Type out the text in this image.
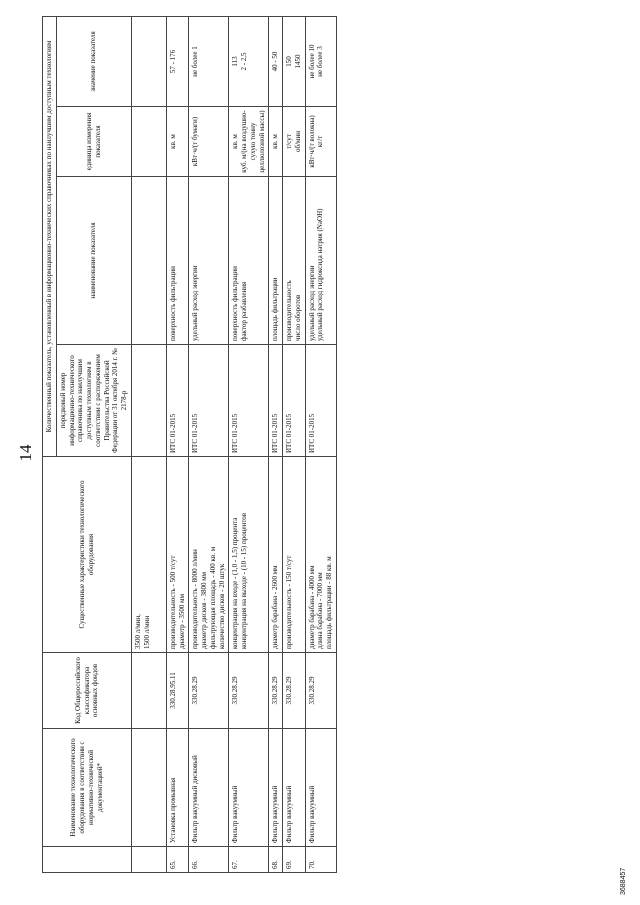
14
	Наименование технологического оборудования в соответствии с нормативно-технической документацией*	Код Общероссийского классификатора основных фондов	Существенные характеристики технологического оборудования	Количественный показатель, установленный в информационно-технических справочниках по наилучшим доступным технологиям			
				порядковый номер информационно-технического справочника по наилучшим доступным технологиям в соответствии с распоряжением Правительства Российской Федерации от 31 октября 2014 г. № 2178-р	наименование показателя	единица измерения показателя	значение показателя
			3500 л/мин,
1500 л/мин				
65.	Установка промывная	330.28.95.11	производительность - 500 т/сут
диаметр - 3500 мм	ИТС 01-2015	поверхность фильтрации	кв. м	57 - 176
66.	Фильтр вакуумный дисковый	330.28.29	производительность - 8000 л/мин
диаметр дисков - 3800 мм
фильтрующая площадь - 400 кв. м
количество дисков - 20 штук	ИТС 01-2015	удельный расход энергии	кВт·ч/(т бумаги)	не более 1
67.	Фильтр вакуумный	330.28.29	концентрация на входе - (1,0 - 1,5) процента
концентрация на выходе - (10 - 15) процентов	ИТС 01-2015	поверхность фильтрации
фактор разбавления	кв. м
куб. м/(на воздушно-сухую тонну целлюлозной массы)	113
2 - 2,5
68.	Фильтр вакуумный	330.28.29	диаметр барабана - 2600 мм	ИТС 01-2015	площадь фильтрации	кв. м	40 - 50
69.	Фильтр вакуумный	330.28.29	производительность - 150 т/сут	ИТС 01-2015	производительность
число оборотов	т/сут
об/мин	150
1450
70.	Фильтр вакуумный	330.28.29	диаметр барабана - 4000 мм
длина барабана - 7000 мм
площадь фильтрации - 88 кв. м	ИТС 01-2015	удельный расход энергии
удельный расход гидроксида натрия (NaOH)	кВт·ч/(т волокна)
кг/т	не более 10
не более 3
3688457
